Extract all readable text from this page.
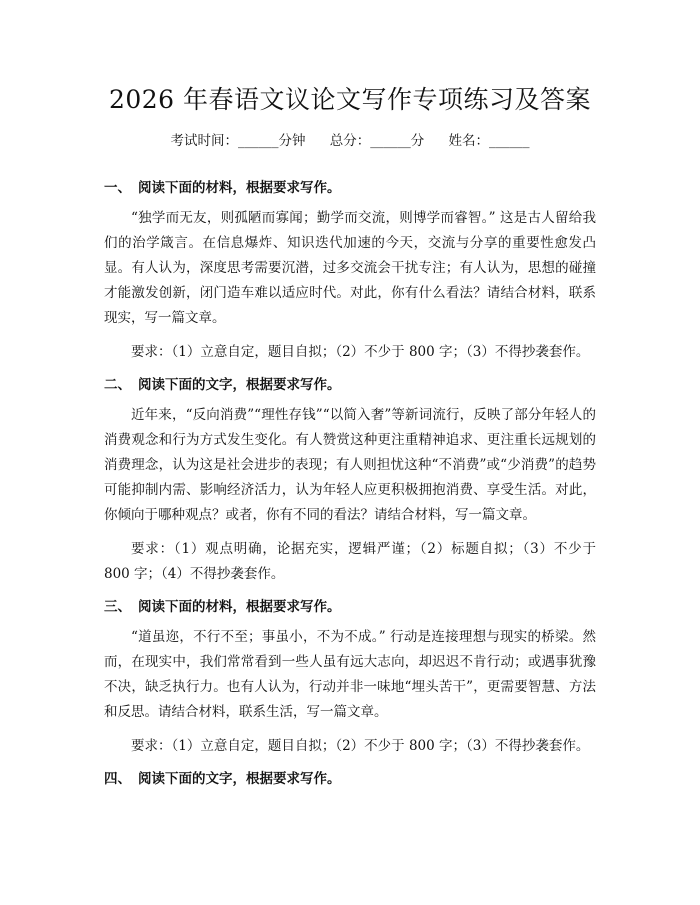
2026 年春语文议论文写作专项练习及答案
考试时间：______分钟 总分：______分 姓名：______
一、 阅读下面的材料，根据要求写作。

“独学而无友，则孤陋而寡闻；勤学而交流，则博学而睿智。” 这是古人留给我们的治学箴言。在信息爆炸、知识迭代加速的今天，交流与分享的重要性愈发凸显。有人认为，深度思考需要沉潜，过多交流会干扰专注；有人认为，思想的碰撞才能激发创新，闭门造车难以适应时代。对此，你有什么看法？请结合材料，联系现实，写一篇文章。

要求：（1）立意自定，题目自拟；（2）不少于 800 字；（3）不得抄袭套作。

二、 阅读下面的文字，根据要求写作。

近年来，“反向消费”“理性存钱”“以简入奢”等新词流行，反映了部分年轻人的消费观念和行为方式发生变化。有人赞赏这种更注重精神追求、更注重长远规划的消费理念，认为这是社会进步的表现；有人则担忧这种“不消费”或“少消费”的趋势可能抑制内需、影响经济活力，认为年轻人应更积极拥抱消费、享受生活。对此，你倾向于哪种观点？或者，你有不同的看法？请结合材料，写一篇文章。

要求：（1）观点明确，论据充实，逻辑严谨；（2）标题自拟；（3）不少于 800 字；（4）不得抄袭套作。

三、 阅读下面的材料，根据要求写作。

“道虽迩，不行不至；事虽小，不为不成。” 行动是连接理想与现实的桥梁。然而，在现实中，我们常常看到一些人虽有远大志向，却迟迟不肯行动；或遇事犹豫不决，缺乏执行力。也有人认为，行动并非一味地“埋头苦干”，更需要智慧、方法和反思。请结合材料，联系生活，写一篇文章。

要求：（1）立意自定，题目自拟；（2）不少于 800 字；（3）不得抄袭套作。

四、 阅读下面的文字，根据要求写作。
